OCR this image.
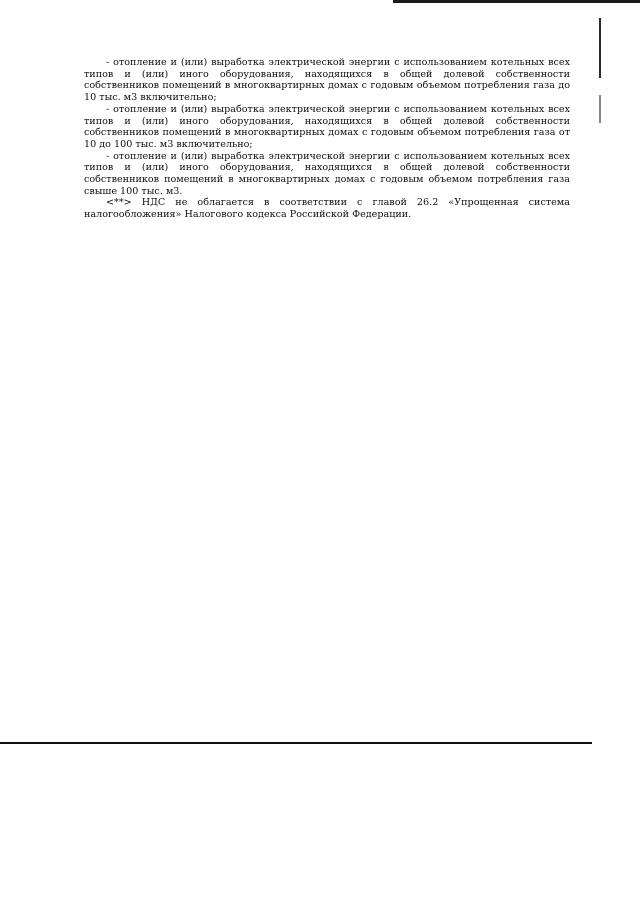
- отопление и (или) выработка электрической энергии с использованием котельных всех типов и (или) иного оборудования, находящихся в общей долевой собственности собственников помещений в многоквартирных домах с годовым объемом потребления газа до 10 тыс. м3 включительно;

- отопление и (или) выработка электрической энергии с использованием котельных всех типов и (или) иного оборудования, находящихся в общей долевой собственности собственников помещений в многоквартирных домах с годовым объемом потребления газа от 10 до 100 тыс. м3 включительно;

- отопление и (или) выработка электрической энергии с использованием котельных всех типов и (или) иного оборудования, находящихся в общей долевой собственности собственников помещений в многоквартирных домах с годовым объемом потребления газа свыше 100 тыс. м3.

<**> НДС не облагается в соответствии с главой 26.2 «Упрощенная система налогообложения» Налогового кодекса Российской Федерации.
